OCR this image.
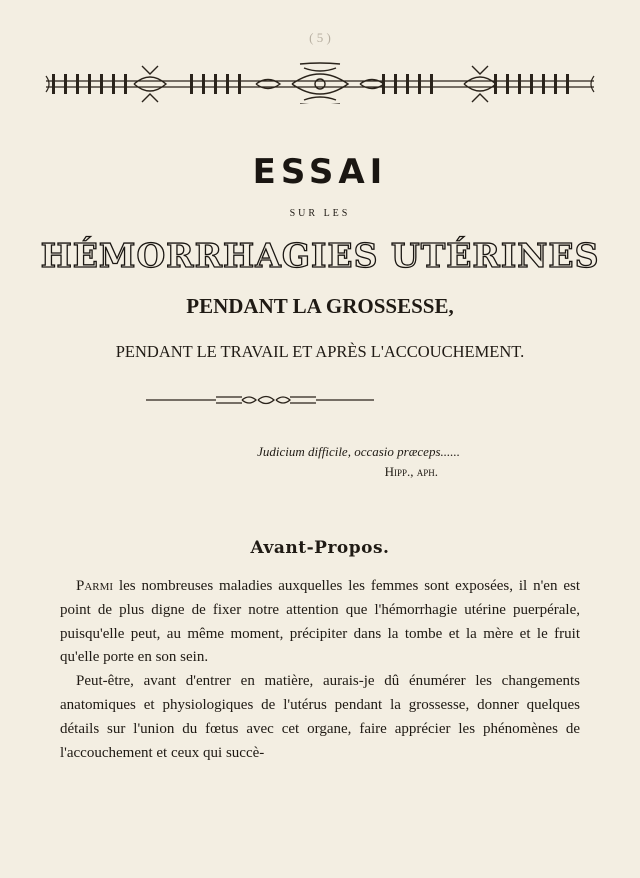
( 5 )
ESSAI
SUR LES
HÉMORRHAGIES UTÉRINES
PENDANT LA GROSSESSE,
PENDANT LE TRAVAIL ET APRÈS L'ACCOUCHEMENT.
Judicium difficile, occasio præceps......
Hipp., aph.
Avant-Propos.

Parmi les nombreuses maladies auxquelles les femmes sont exposées, il n'en est point de plus digne de fixer notre attention que l'hémorrhagie utérine puerpérale, puisqu'elle peut, au même moment, précipiter dans la tombe et la mère et le fruit qu'elle porte en son sein.

Peut-être, avant d'entrer en matière, aurais-je dû énumérer les changements anatomiques et physiologiques de l'utérus pendant la grossesse, donner quelques détails sur l'union du fœtus avec cet organe, faire apprécier les phénomènes de l'accouchement et ceux qui succè-
